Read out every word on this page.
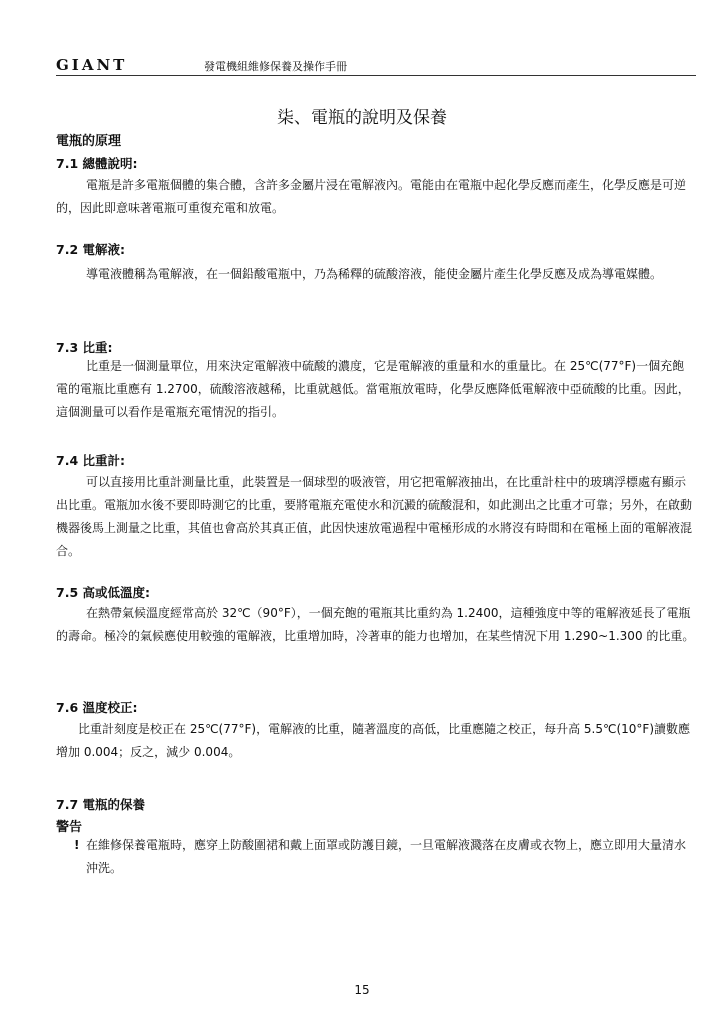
GIANT	發電機組維修保養及操作手冊
柒、電瓶的說明及保養
電瓶的原理
7.1 總體說明:
電瓶是許多電瓶個體的集合體，含許多金屬片浸在電解液內。電能由在電瓶中起化學反應而產生，化學反應是可逆的，因此即意味著電瓶可重復充電和放電。
7.2 電解液:
導電液體稱為電解液，在一個鉛酸電瓶中，乃為稀釋的硫酸溶液，能使金屬片產生化學反應及成為導電媒體。
7.3 比重:
比重是一個測量單位，用來決定電解液中硫酸的濃度，它是電解液的重量和水的重量比。在 25℃(77°F)一個充飽電的電瓶比重應有 1.2700，硫酸溶液越稀，比重就越低。當電瓶放電時，化學反應降低電解液中亞硫酸的比重。因此，這個測量可以看作是電瓶充電情況的指引。
7.4 比重計:
可以直接用比重計測量比重，此裝置是一個球型的吸液管，用它把電解液抽出，在比重計柱中的玻璃浮標處有顯示出比重。電瓶加水後不要即時測它的比重，要將電瓶充電使水和沉澱的硫酸混和，如此測出之比重才可靠；另外，在啟動機器後馬上測量之比重，其值也會高於其真正值，此因快速放電過程中電極形成的水將沒有時間和在電極上面的電解液混合。
7.5 高或低溫度:
在熱帶氣候溫度經常高於 32℃（90°F），一個充飽的電瓶其比重約為 1.2400，這種強度中等的電解液延長了電瓶的壽命。極冷的氣候應使用較強的電解液，比重增加時，冷著車的能力也增加，在某些情況下用 1.290~1.300 的比重。
7.6 溫度校正:
比重計刻度是校正在 25℃(77°F)，電解液的比重，隨著溫度的高低，比重應隨之校正，每升高 5.5℃(10°F)讀數應增加 0.004；反之，減少 0.004。
7.7 電瓶的保養
警告
! 在維修保養電瓶時，應穿上防酸圍裙和戴上面罩或防護目鏡，一旦電解液濺落在皮膚或衣物上，應立即用大量清水沖洗。
15
